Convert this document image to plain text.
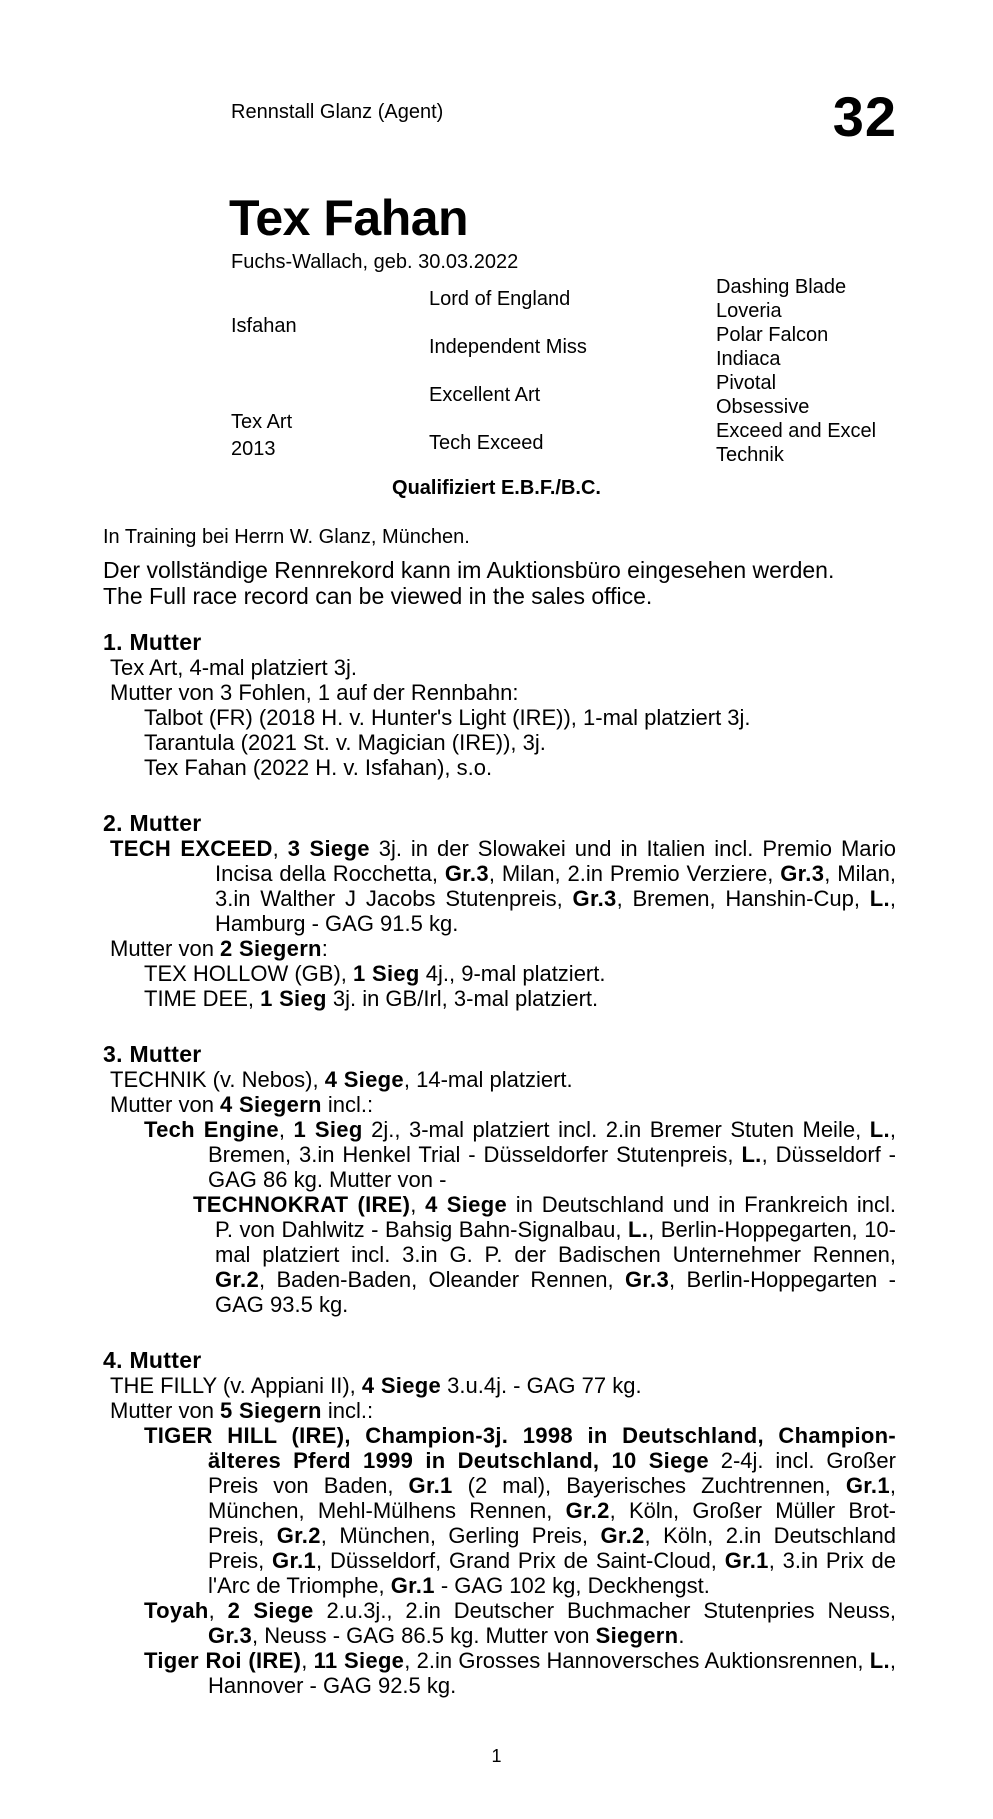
Rennstall Glanz (Agent)	32
Tex Fahan
Fuchs-Wallach, geb. 30.03.2022
Isfahan
Tex Art
2013
Lord of England
Independent Miss
Excellent Art
Tech Exceed
Dashing Blade
Loveria
Polar Falcon
Indiaca
Pivotal
Obsessive
Exceed and Excel
Technik
Qualifiziert E.B.F./B.C.
In Training bei Herrn W. Glanz, München.
Der vollständige Rennrekord kann im Auktionsbüro eingesehen werden.
The Full race record can be viewed in the sales office.
1. Mutter
Tex Art, 4-mal platziert 3j.
Mutter von 3 Fohlen, 1 auf der Rennbahn:
Talbot (FR) (2018 H. v. Hunter's Light (IRE)), 1-mal platziert 3j.
Tarantula (2021 St. v. Magician (IRE)), 3j.
Tex Fahan (2022 H. v. Isfahan), s.o.
2. Mutter
TECH EXCEED, 3 Siege 3j. in der Slowakei und in Italien incl. Premio Mario Incisa della Rocchetta, Gr.3, Milan, 2.in Premio Verziere, Gr.3, Milan, 3.in Walther J Jacobs Stutenpreis, Gr.3, Bremen, Hanshin-Cup, L., Hamburg - GAG 91.5 kg.
Mutter von 2 Siegern:
TEX HOLLOW (GB), 1 Sieg 4j., 9-mal platziert.
TIME DEE, 1 Sieg 3j. in GB/Irl, 3-mal platziert.
3. Mutter
TECHNIK (v. Nebos), 4 Siege, 14-mal platziert.
Mutter von 4 Siegern incl.:
Tech Engine, 1 Sieg 2j., 3-mal platziert incl. 2.in Bremer Stuten Meile, L., Bremen, 3.in Henkel Trial - Düsseldorfer Stutenpreis, L., Düsseldorf - GAG 86 kg. Mutter von -
TECHNOKRAT (IRE), 4 Siege in Deutschland und in Frankreich incl. P. von Dahlwitz - Bahsig Bahn-Signalbau, L., Berlin-Hoppegarten, 10-mal platziert incl. 3.in G. P. der Badischen Unternehmer Rennen, Gr.2, Baden-Baden, Oleander Rennen, Gr.3, Berlin-Hoppegarten - GAG 93.5 kg.
4. Mutter
THE FILLY (v. Appiani II), 4 Siege 3.u.4j. - GAG 77 kg.
Mutter von 5 Siegern incl.:
TIGER HILL (IRE), Champion-3j. 1998 in Deutschland, Champion-älteres Pferd 1999 in Deutschland, 10 Siege 2-4j. incl. Großer Preis von Baden, Gr.1 (2 mal), Bayerisches Zuchtrennen, Gr.1, München, Mehl-Mülhens Rennen, Gr.2, Köln, Großer Müller Brot-Preis, Gr.2, München, Gerling Preis, Gr.2, Köln, 2.in Deutschland Preis, Gr.1, Düsseldorf, Grand Prix de Saint-Cloud, Gr.1, 3.in Prix de l'Arc de Triomphe, Gr.1 - GAG 102 kg, Deckhengst.
Toyah, 2 Siege 2.u.3j., 2.in Deutscher Buchmacher Stutenpries Neuss, Gr.3, Neuss - GAG 86.5 kg. Mutter von Siegern.
Tiger Roi (IRE), 11 Siege, 2.in Grosses Hannoversches Auktionsrennen, L., Hannover - GAG 92.5 kg.
1
